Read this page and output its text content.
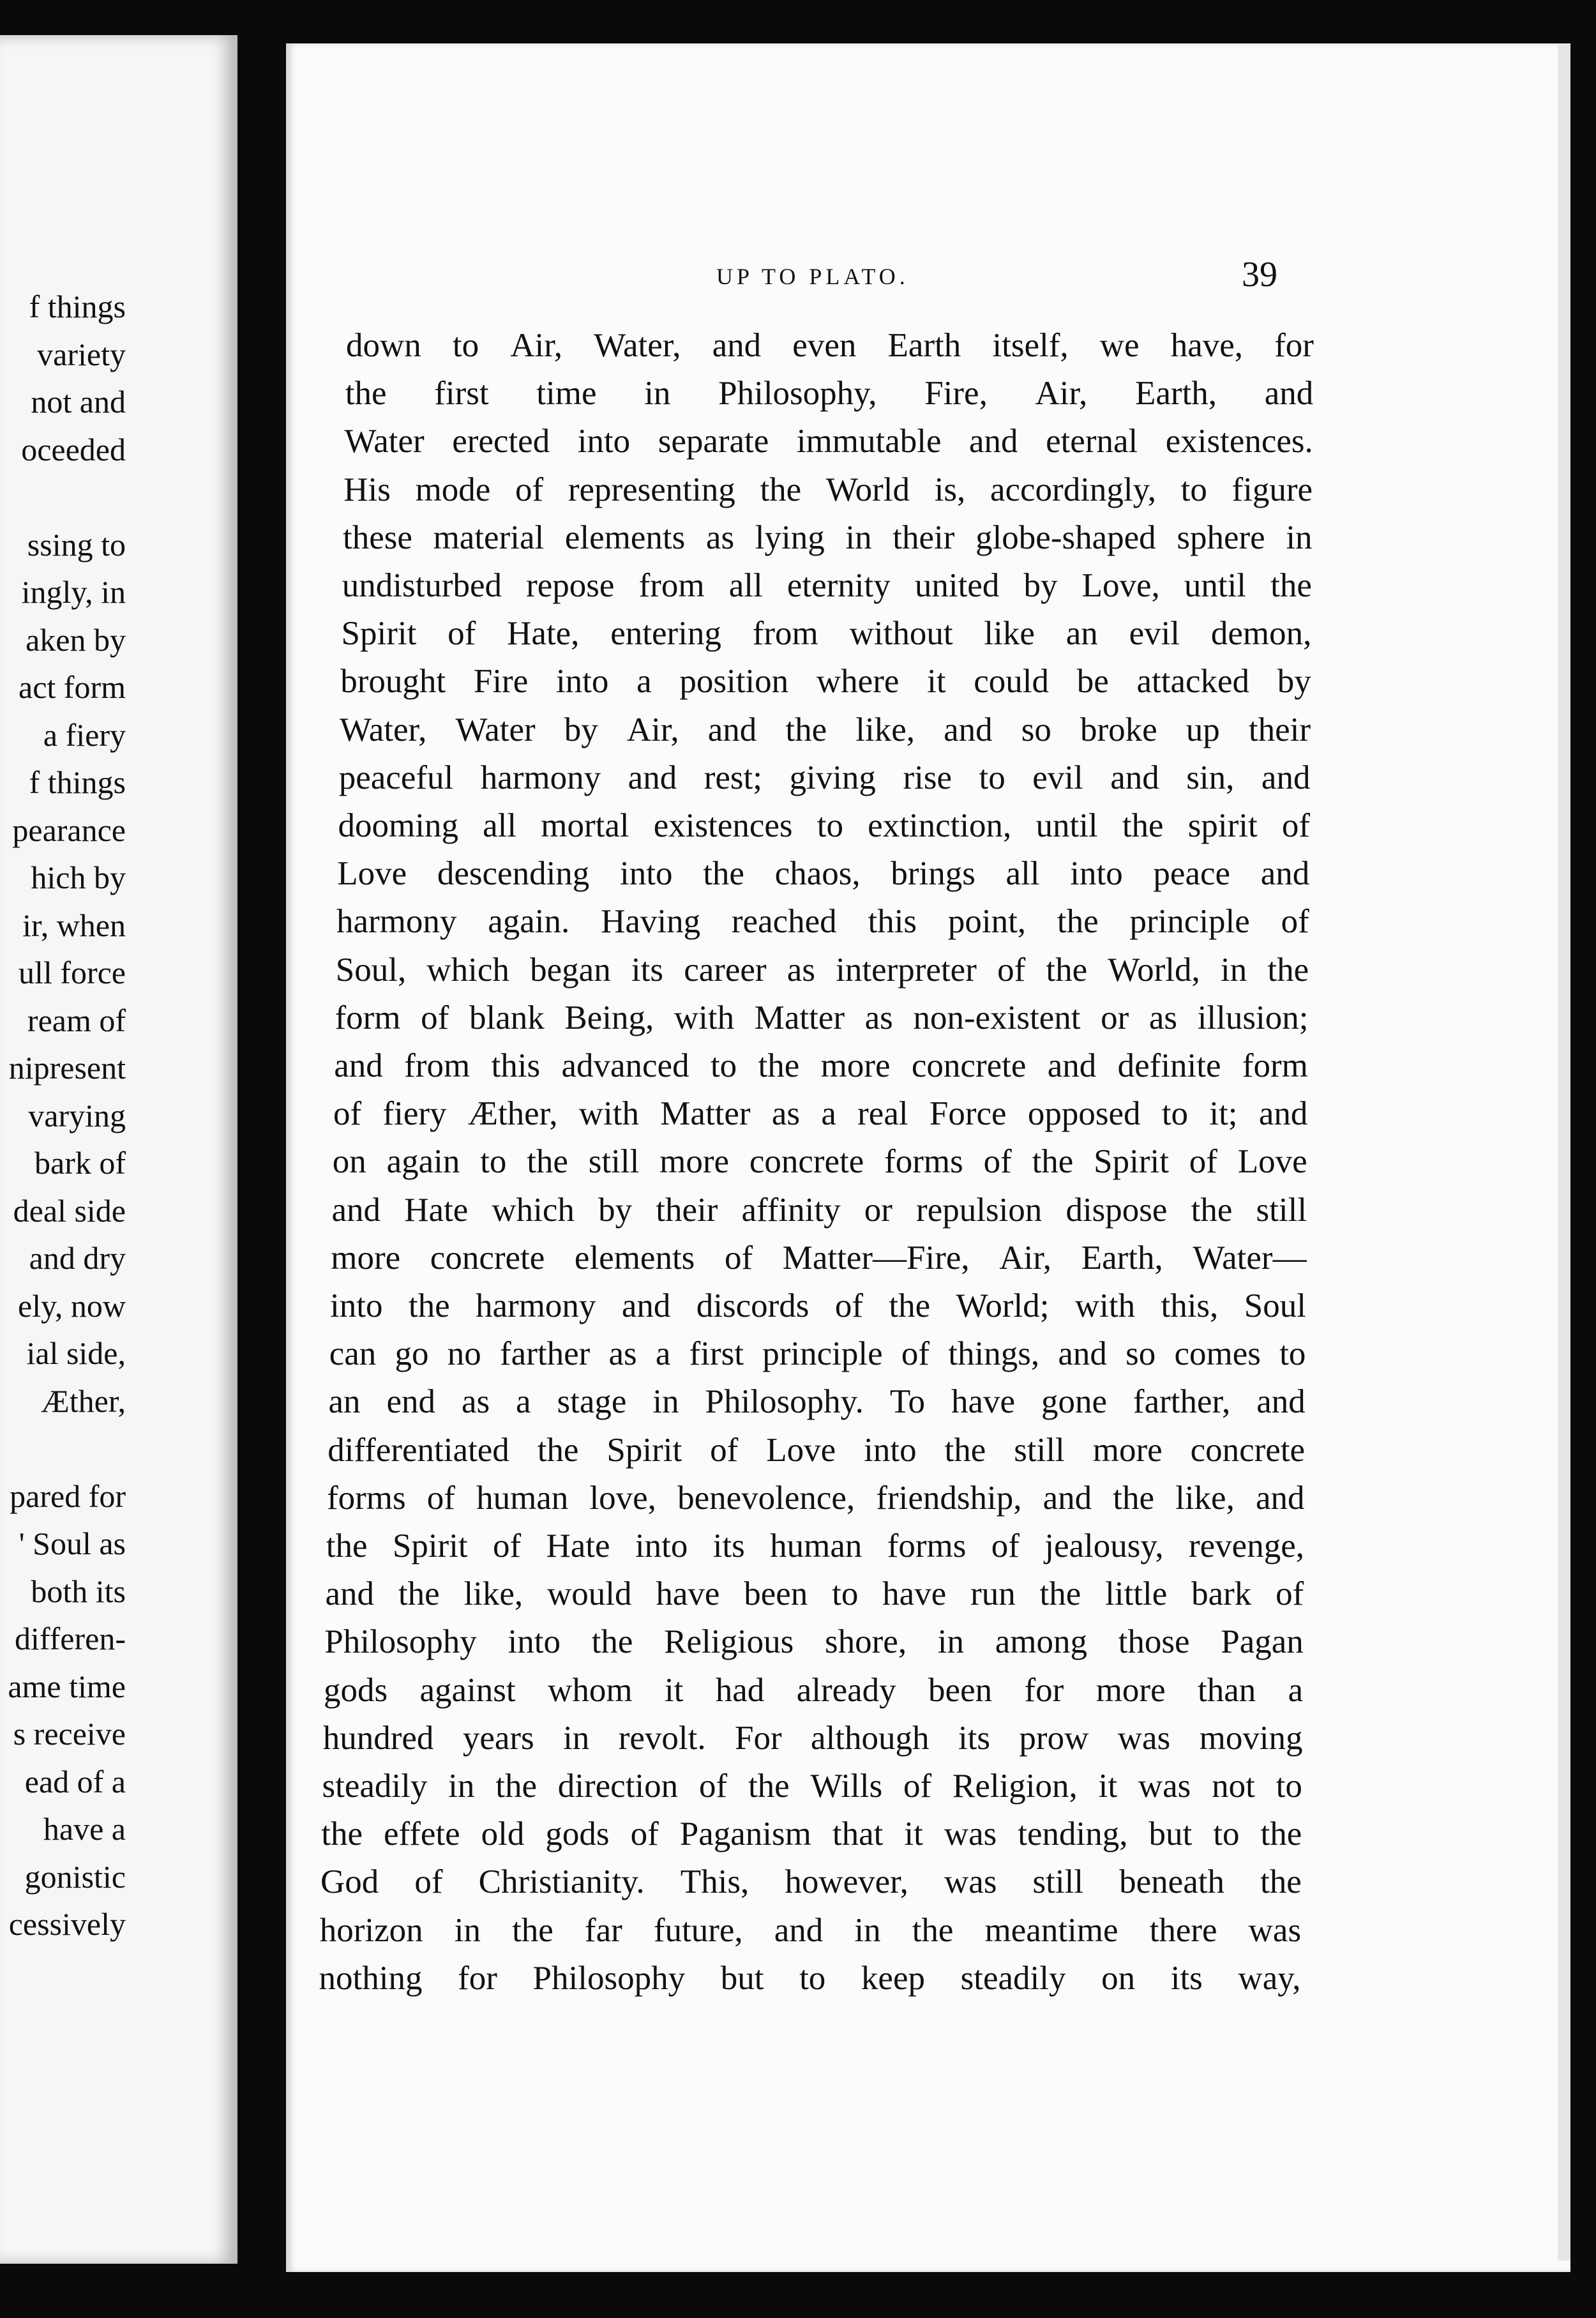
f things
variety
not and
oceeded
ssing to
ingly, in
aken by
act form
a fiery
f things
pearance
hich by
ir, when
ull force
ream of
nipresent
varying
bark of
deal side
and dry
ely, now
ial side,
Æther,
pared for
' Soul as
both its
differen-
ame time
s receive
ead of a
have a
gonistic
cessively
UP TO PLATO.	39
down to Air, Water, and even Earth itself, we have, for
the first time in Philosophy, Fire, Air, Earth, and
Water erected into separate immutable and eternal existences.
His mode of representing the World is, accordingly, to figure
these material elements as lying in their globe-shaped sphere in
undisturbed repose from all eternity united by Love, until the
Spirit of Hate, entering from without like an evil demon,
brought Fire into a position where it could be attacked by
Water, Water by Air, and the like, and so broke up their
peaceful harmony and rest; giving rise to evil and sin, and
dooming all mortal existences to extinction, until the spirit of
Love descending into the chaos, brings all into peace and
harmony again. Having reached this point, the principle of
Soul, which began its career as interpreter of the World, in the
form of blank Being, with Matter as non-existent or as illusion;
and from this advanced to the more concrete and definite form
of fiery Æther, with Matter as a real Force opposed to it; and
on again to the still more concrete forms of the Spirit of Love
and Hate which by their affinity or repulsion dispose the still
more concrete elements of Matter—Fire, Air, Earth, Water—
into the harmony and discords of the World; with this, Soul
can go no farther as a first principle of things, and so comes to
an end as a stage in Philosophy. To have gone farther, and
differentiated the Spirit of Love into the still more concrete
forms of human love, benevolence, friendship, and the like, and
the Spirit of Hate into its human forms of jealousy, revenge,
and the like, would have been to have run the little bark of
Philosophy into the Religious shore, in among those Pagan
gods against whom it had already been for more than a
hundred years in revolt. For although its prow was moving
steadily in the direction of the Wills of Religion, it was not to
the effete old gods of Paganism that it was tending, but to the
God of Christianity. This, however, was still beneath the
horizon in the far future, and in the meantime there was
nothing for Philosophy but to keep steadily on its way,
